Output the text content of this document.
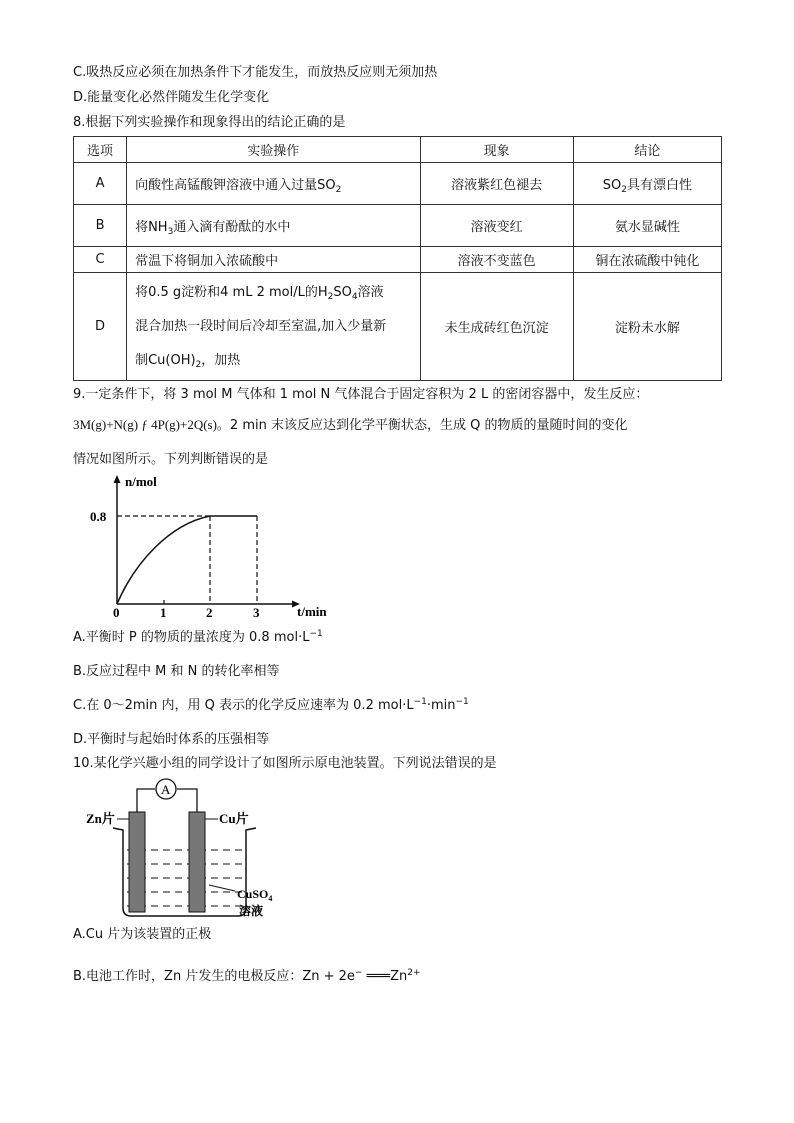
C.吸热反应必须在加热条件下才能发生，而放热反应则无须加热
D.能量变化必然伴随发生化学变化
8.根据下列实验操作和现象得出的结论正确的是
选项	实验操作	现象	结论
A	向酸性高锰酸钾溶液中通入过量$SO_2$	溶液紫红色褪去	$SO_2$具有漂白性
B	将$NH_3$通入滴有酚酞的水中	溶液变红	氨水显碱性
C	常温下将铜加入浓硫酸中	溶液不变蓝色	铜在浓硫酸中钝化
D	将0.5 g淀粉和4 mL 2 mol/L的$H_2SO_4$溶液
混合加热一段时间后冷却至室温,加入少量新
制$Cu(OH)_2$，加热	未生成砖红色沉淀	淀粉未水解
9.一定条件下，将 3 mol M 气体和 1 mol N 气体混合于固定容积为 2 L 的密闭容器中，发生反应：
3M(g)+N(g) ƒ 4P(g)+2Q(s)。2 min 末该反应达到化学平衡状态，生成 Q 的物质的量随时间的变化
情况如图所示。下列判断错误的是
n/mol
t/min
0.8
0	1	2	3
A.平衡时 P 的物质的量浓度为 0.8 $mol\cdot L^{-1}$
B.反应过程中 M 和 N 的转化率相等
C.在 0～2min 内，用 Q 表示的化学反应速率为 0.2 $mol\cdot L^{-1}\cdot\min^{-1}$
D.平衡时与起始时体系的压强相等
10.某化学兴趣小组的同学设计了如图所示原电池装置。下列说法错误的是
A
Zn片	Cu片
CuSO$_4$
溶液
A.Cu 片为该装置的正极
B.电池工作时，Zn 片发生的电极反应：Zn + 2e− $═══Zn^{2+}$
